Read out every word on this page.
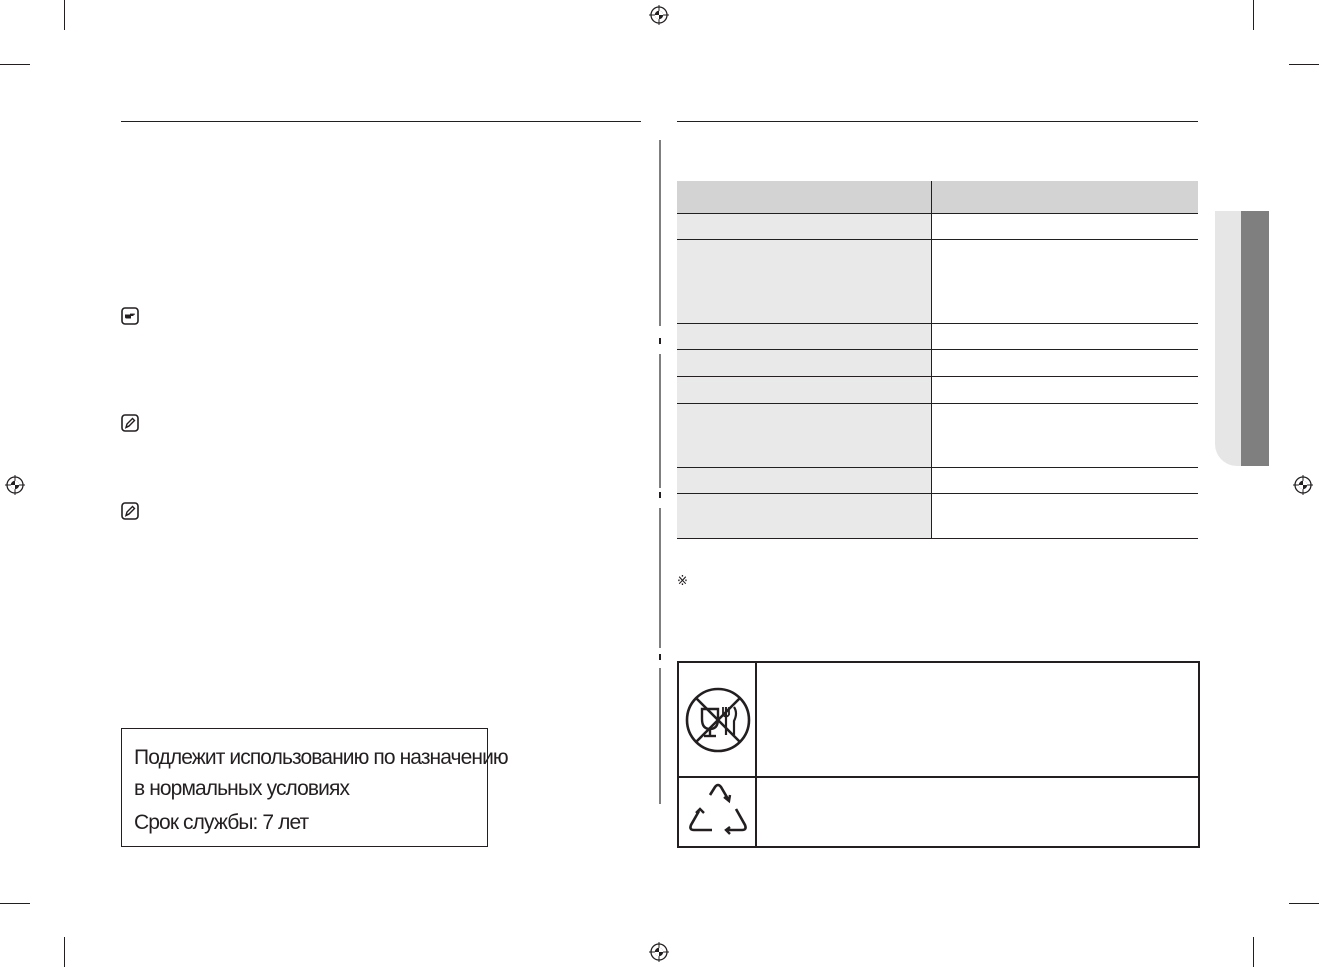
Подлежит использованию по назначению
в нормальных условиях
Срок службы: 7 лет

※
